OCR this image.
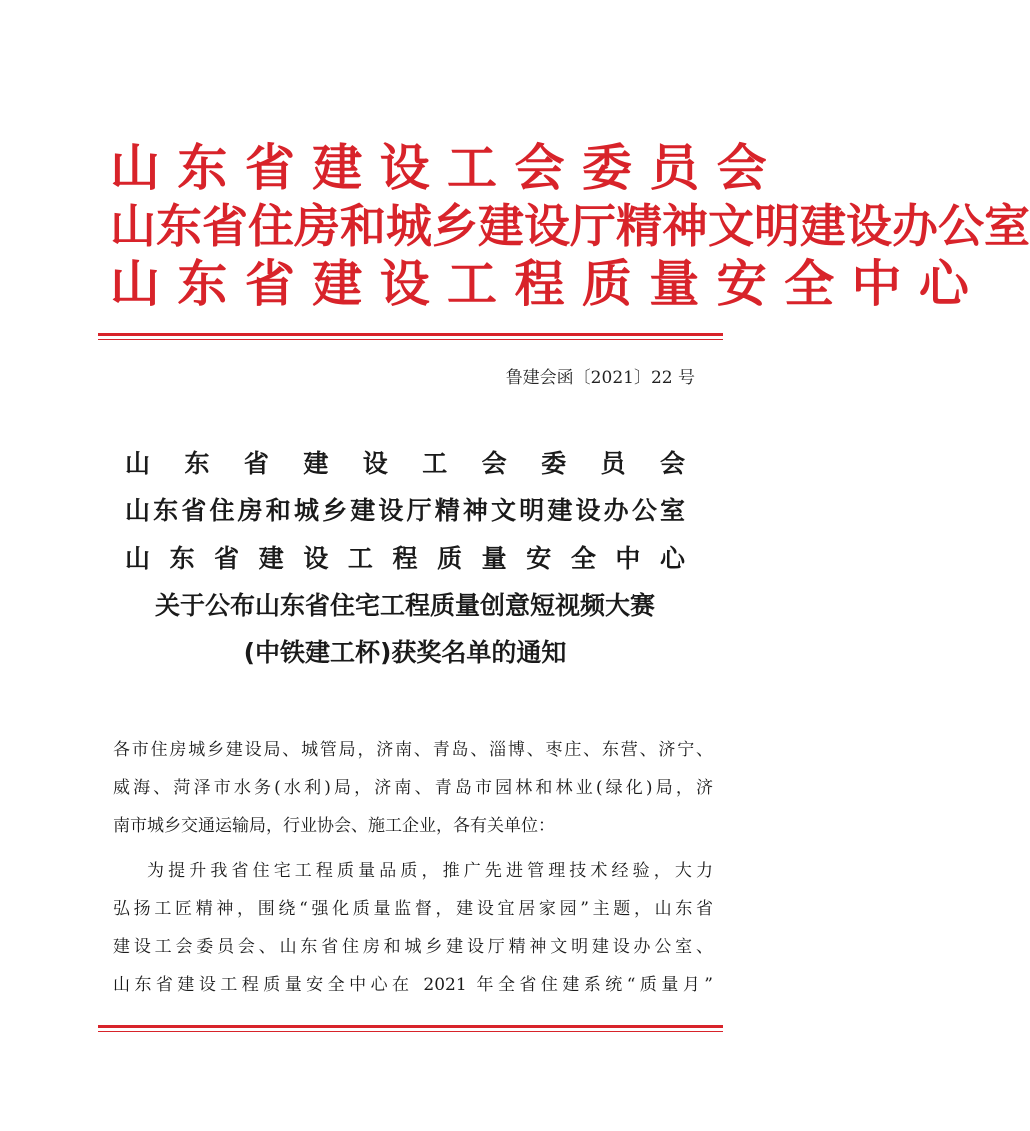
山 东 省 建 设 工 会 委 员 会
山东省住房和城乡建设厅精神文明建设办公室
山 东 省 建 设 工 程 质 量 安 全 中 心
鲁建会函〔2021〕22 号
山 东 省 建 设 工 会 委 员 会
山东省住房和城乡建设厅精神文明建设办公室
山 东 省 建 设 工 程 质 量 安 全 中 心
关于公布山东省住宅工程质量创意短视频大赛
(中铁建工杯)获奖名单的通知
各市住房城乡建设局、城管局，济南、青岛、淄博、枣庄、东营、济宁、
威海、菏泽市水务(水利)局，济南、青岛市园林和林业(绿化)局，济
南市城乡交通运输局，行业协会、施工企业，各有关单位：
为提升我省住宅工程质量品质，推广先进管理技术经验，大力
弘扬工匠精神，围绕“强化质量监督，建设宜居家园”主题，山东省
建设工会委员会、山东省住房和城乡建设厅精神文明建设办公室、
山东省建设工程质量安全中心在 2021 年全省住建系统“质量月”
